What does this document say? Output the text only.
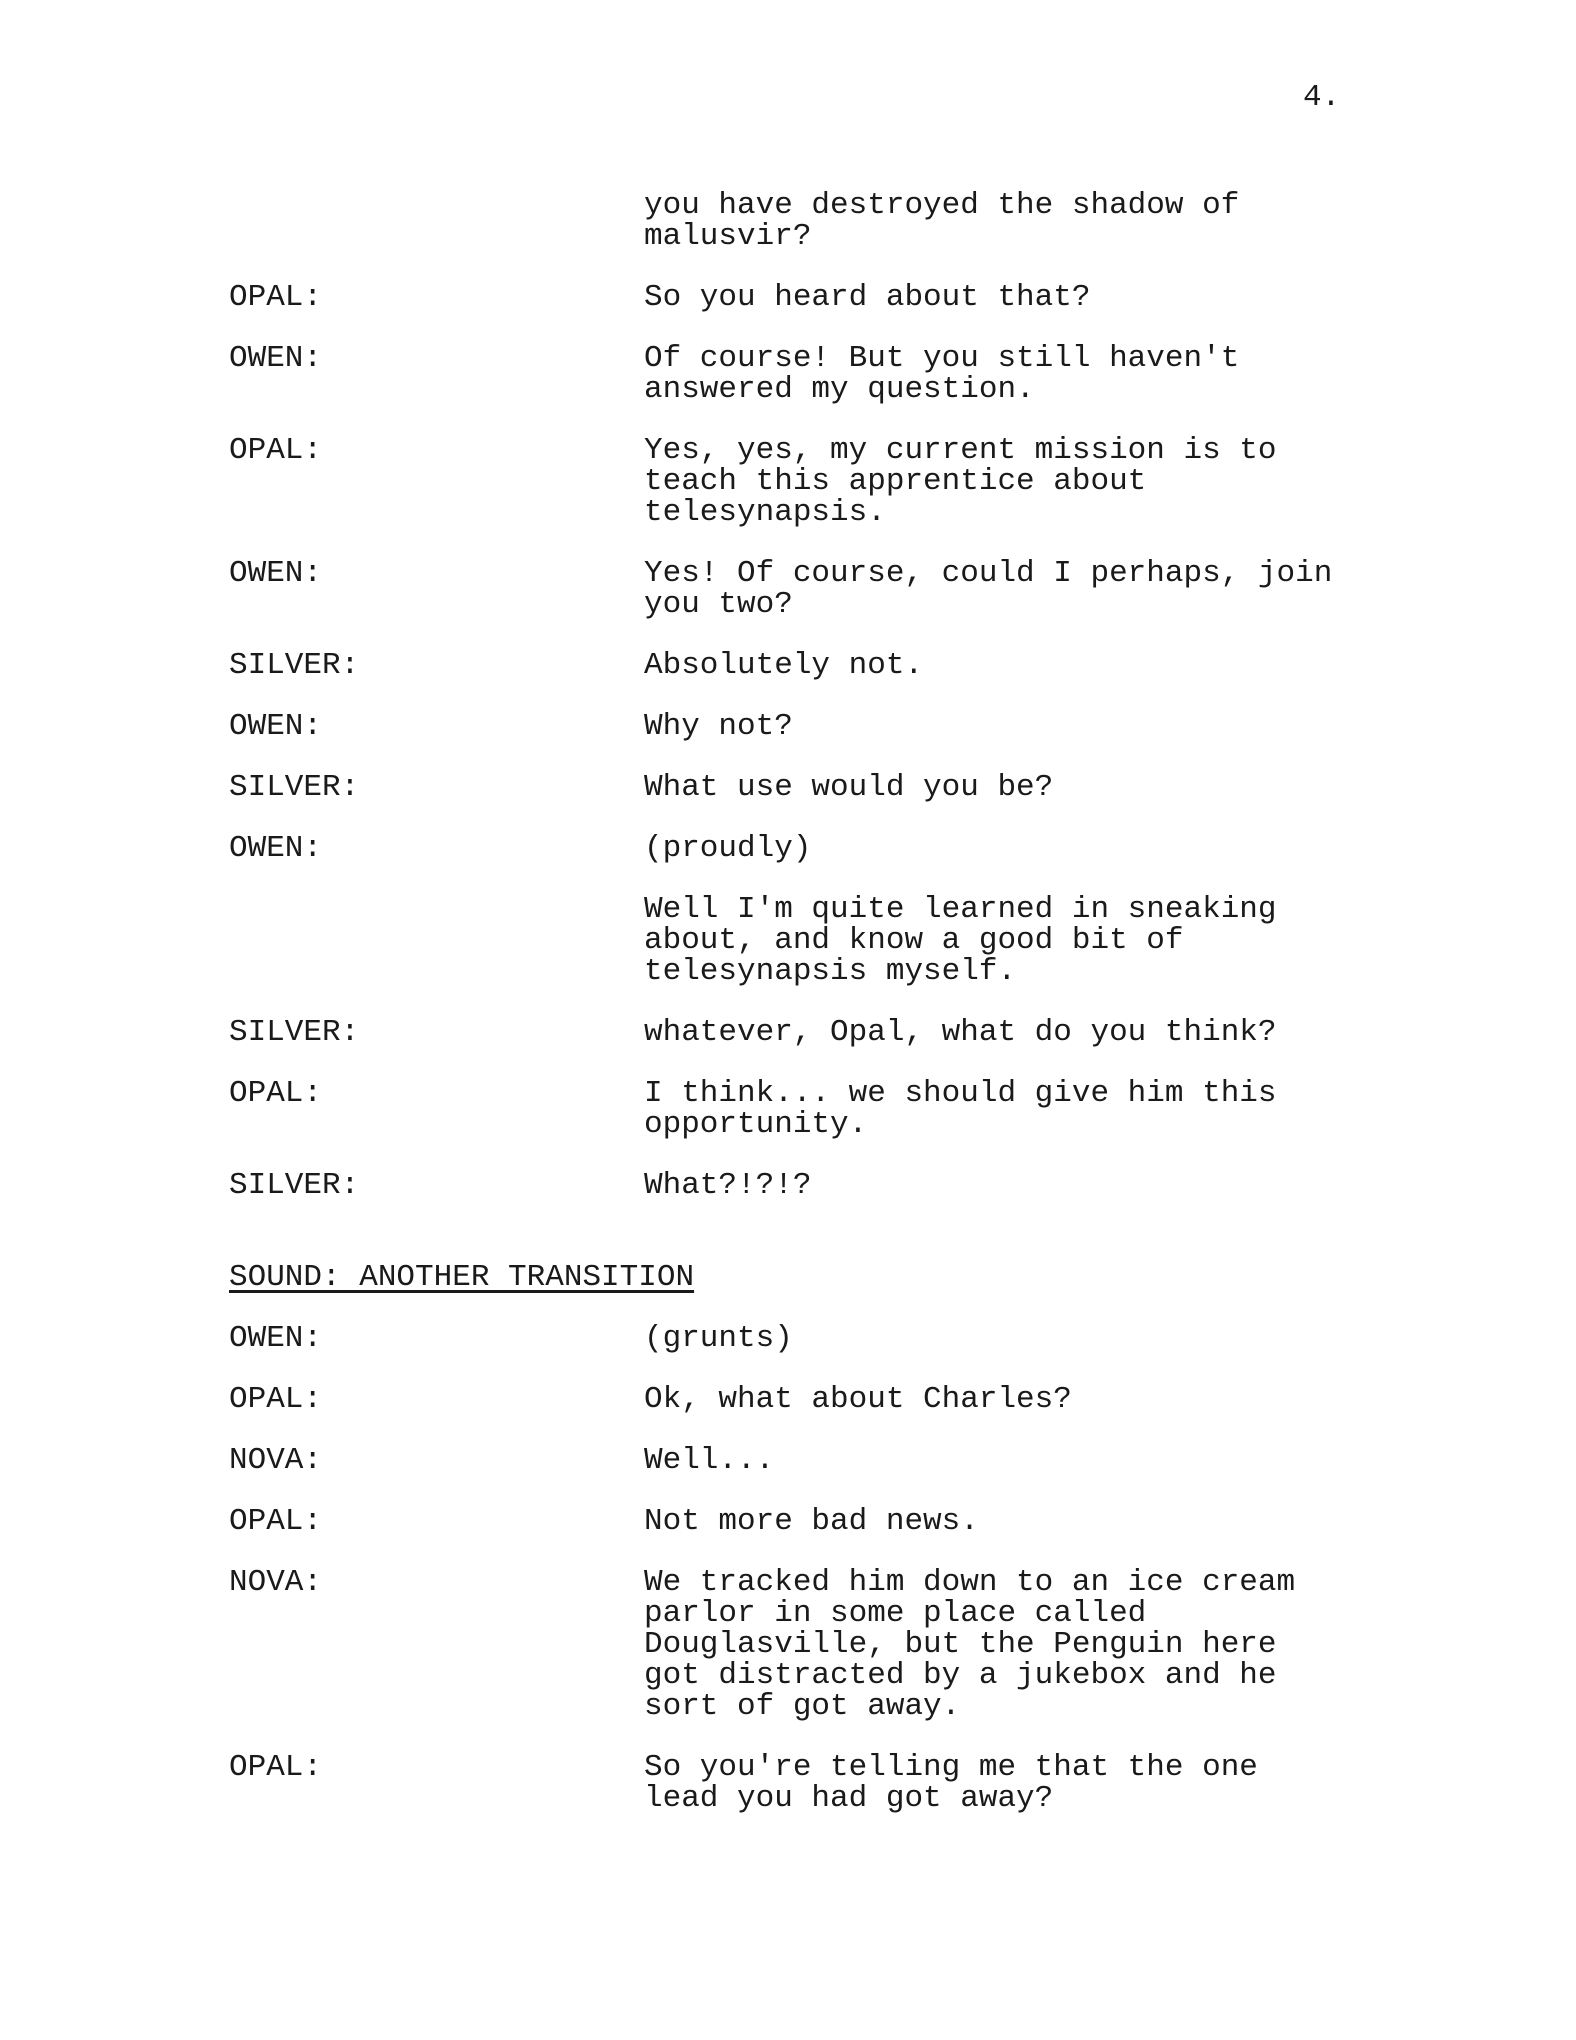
4.
you have destroyed the shadow of
malusvir?
OPAL:	So you heard about that?
OWEN:	Of course! But you still haven't
answered my question.
OPAL:	Yes, yes, my current mission is to
teach this apprentice about
telesynapsis.
OWEN:	Yes! Of course, could I perhaps, join
you two?
SILVER:	Absolutely not.
OWEN:	Why not?
SILVER:	What use would you be?
OWEN:	(proudly)
Well I'm quite learned in sneaking
about, and know a good bit of
telesynapsis myself.
SILVER:	whatever, Opal, what do you think?
OPAL:	I think... we should give him this
opportunity.
SILVER:	What?!?!?
SOUND: ANOTHER TRANSITION
OWEN:	(grunts)
OPAL:	Ok, what about Charles?
NOVA:	Well...
OPAL:	Not more bad news.
NOVA:	We tracked him down to an ice cream
parlor in some place called
Douglasville, but the Penguin here
got distracted by a jukebox and he
sort of got away.
OPAL:	So you're telling me that the one
lead you had got away?
